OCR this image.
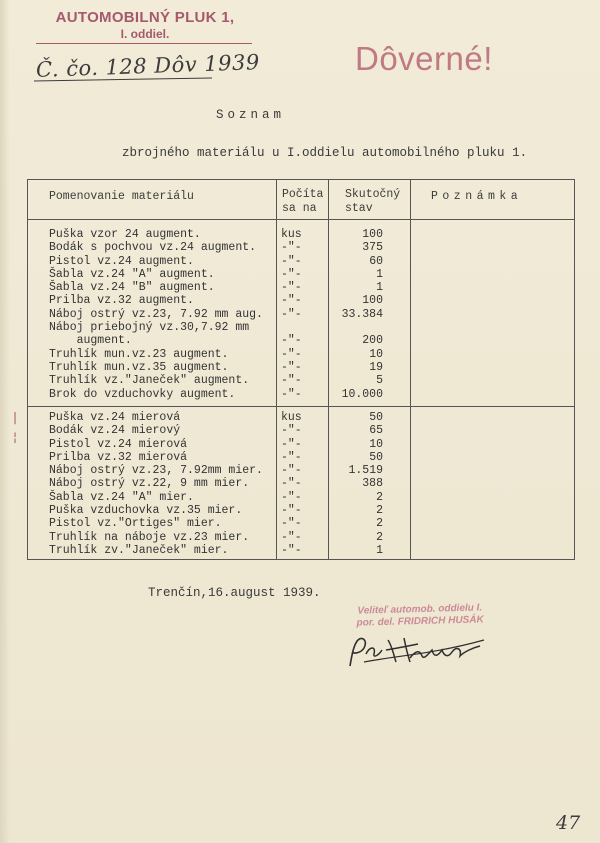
AUTOMOBILNÝ PLUK 1,
I. oddiel.
Č. čo. 128 Dôv 1939	Dôverné!
Soznam
zbrojného materiálu u I.oddielu automobilného pluku 1.
Pomenovanie materiálu	Počíta
sa na
Skutočný
stav
Poznámka
Puška vzor 24 augment.
Bodák s pochvou vz.24 augment.
Pistol vz.24 augment.
Šabla vz.24 "A" augment.
Šabla vz.24 "B" augment.
Prilba vz.32 augment.
Náboj ostrý vz.23, 7.92 mm aug.
Náboj priebojný vz.30,7.92 mm
augment.
Truhlík mun.vz.23 augment.
Truhlík mun.vz.35 augment.
Truhlík vz."Janeček" augment.
Brok do vzduchovky augment.
kus
-"-
-"-
-"-
-"-
-"-
-"-

-"-
-"-
-"-
-"-
-"-
100
375
60
1
1
100
33.384

200
10
19
5
10.000
Puška vz.24 mierová
Bodák vz.24 mierový
Pistol vz.24 mierová
Prilba vz.32 mierová
Náboj ostrý vz.23, 7.92mm mier.
Náboj ostrý vz.22, 9 mm mier.
Šabla vz.24 "A" mier.
Puška vzduchovka vz.35 mier.
Pistol vz."Ortiges" mier.
Truhlík na náboje vz.23 mier.
Truhlík zv."Janeček" mier.
kus
-"-
-"-
-"-
-"-
-"-
-"-
-"-
-"-
-"-
-"-
50
65
10
50
1.519
388
2
2
2
2
1
|
¦
Trenčín,16.august 1939.
Veliteľ automob. oddielu I.
por. del. FRIDRICH HUSÁK
47
